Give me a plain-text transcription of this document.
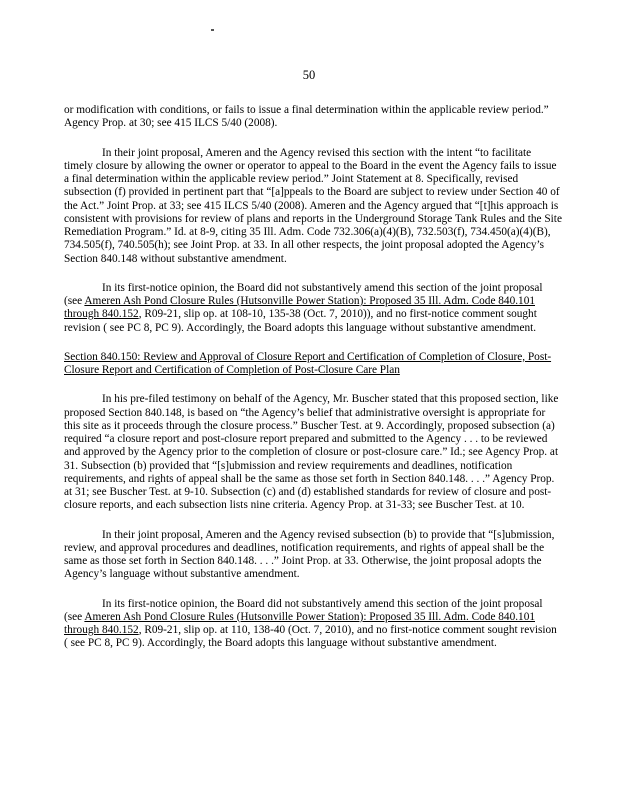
50

or modification with conditions, or fails to issue a final determination within the applicable review period.” Agency Prop. at 30; see 415 ILCS 5/40 (2008).

In their joint proposal, Ameren and the Agency revised this section with the intent “to facilitate timely closure by allowing the owner or operator to appeal to the Board in the event the Agency fails to issue a final determination within the applicable review period.” Joint Statement at 8. Specifically, revised subsection (f) provided in pertinent part that “[a]ppeals to the Board are subject to review under Section 40 of the Act.” Joint Prop. at 33; see 415 ILCS 5/40 (2008). Ameren and the Agency argued that “[t]his approach is consistent with provisions for review of plans and reports in the Underground Storage Tank Rules and the Site Remediation Program.” Id. at 8-9, citing 35 Ill. Adm. Code 732.306(a)(4)(B), 732.503(f), 734.450(a)(4)(B), 734.505(f), 740.505(h); see Joint Prop. at 33. In all other respects, the joint proposal adopted the Agency’s Section 840.148 without substantive amendment.

In its first-notice opinion, the Board did not substantively amend this section of the joint proposal (see Ameren Ash Pond Closure Rules (Hutsonville Power Station): Proposed 35 Ill. Adm. Code 840.101 through 840.152, R09-21, slip op. at 108-10, 135-38 (Oct. 7, 2010)), and no first-notice comment sought revision ( see PC 8, PC 9). Accordingly, the Board adopts this language without substantive amendment.

Section 840.150: Review and Approval of Closure Report and Certification of Completion of Closure, Post-Closure Report and Certification of Completion of Post-Closure Care Plan

In his pre-filed testimony on behalf of the Agency, Mr. Buscher stated that this proposed section, like proposed Section 840.148, is based on “the Agency’s belief that administrative oversight is appropriate for this site as it proceeds through the closure process.” Buscher Test. at 9. Accordingly, proposed subsection (a) required “a closure report and post-closure report prepared and submitted to the Agency . . . to be reviewed and approved by the Agency prior to the completion of closure or post-closure care.” Id.; see Agency Prop. at 31. Subsection (b) provided that “[s]ubmission and review requirements and deadlines, notification requirements, and rights of appeal shall be the same as those set forth in Section 840.148. . . .” Agency Prop. at 31; see Buscher Test. at 9-10. Subsection (c) and (d) established standards for review of closure and post-closure reports, and each subsection lists nine criteria. Agency Prop. at 31-33; see Buscher Test. at 10.

In their joint proposal, Ameren and the Agency revised subsection (b) to provide that “[s]ubmission, review, and approval procedures and deadlines, notification requirements, and rights of appeal shall be the same as those set forth in Section 840.148. . . .” Joint Prop. at 33. Otherwise, the joint proposal adopts the Agency’s language without substantive amendment.

In its first-notice opinion, the Board did not substantively amend this section of the joint proposal (see Ameren Ash Pond Closure Rules (Hutsonville Power Station): Proposed 35 Ill. Adm. Code 840.101 through 840.152, R09-21, slip op. at 110, 138-40 (Oct. 7, 2010), and no first-notice comment sought revision ( see PC 8, PC 9). Accordingly, the Board adopts this language without substantive amendment.
